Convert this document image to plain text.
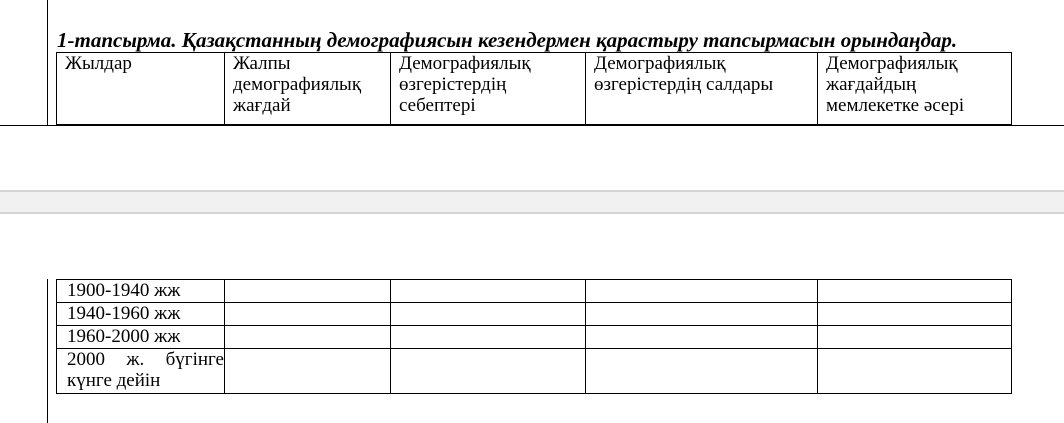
1-тапсырма. Қазақстанның демографиясын кезендермен қарастыру тапсырмасын орындаңдар.
Жылдар	Жалпы демографиялық жағдай	Демографиялық өзгерістердің себептері	Демографиялық өзгерістердің салдары	Демографиялық жағдайдың мемлекетке әсері
1900-1940 жж				
1940-1960 жж				
1960-2000 жж				

2000 ж. бүгінге
күнге дейін				
